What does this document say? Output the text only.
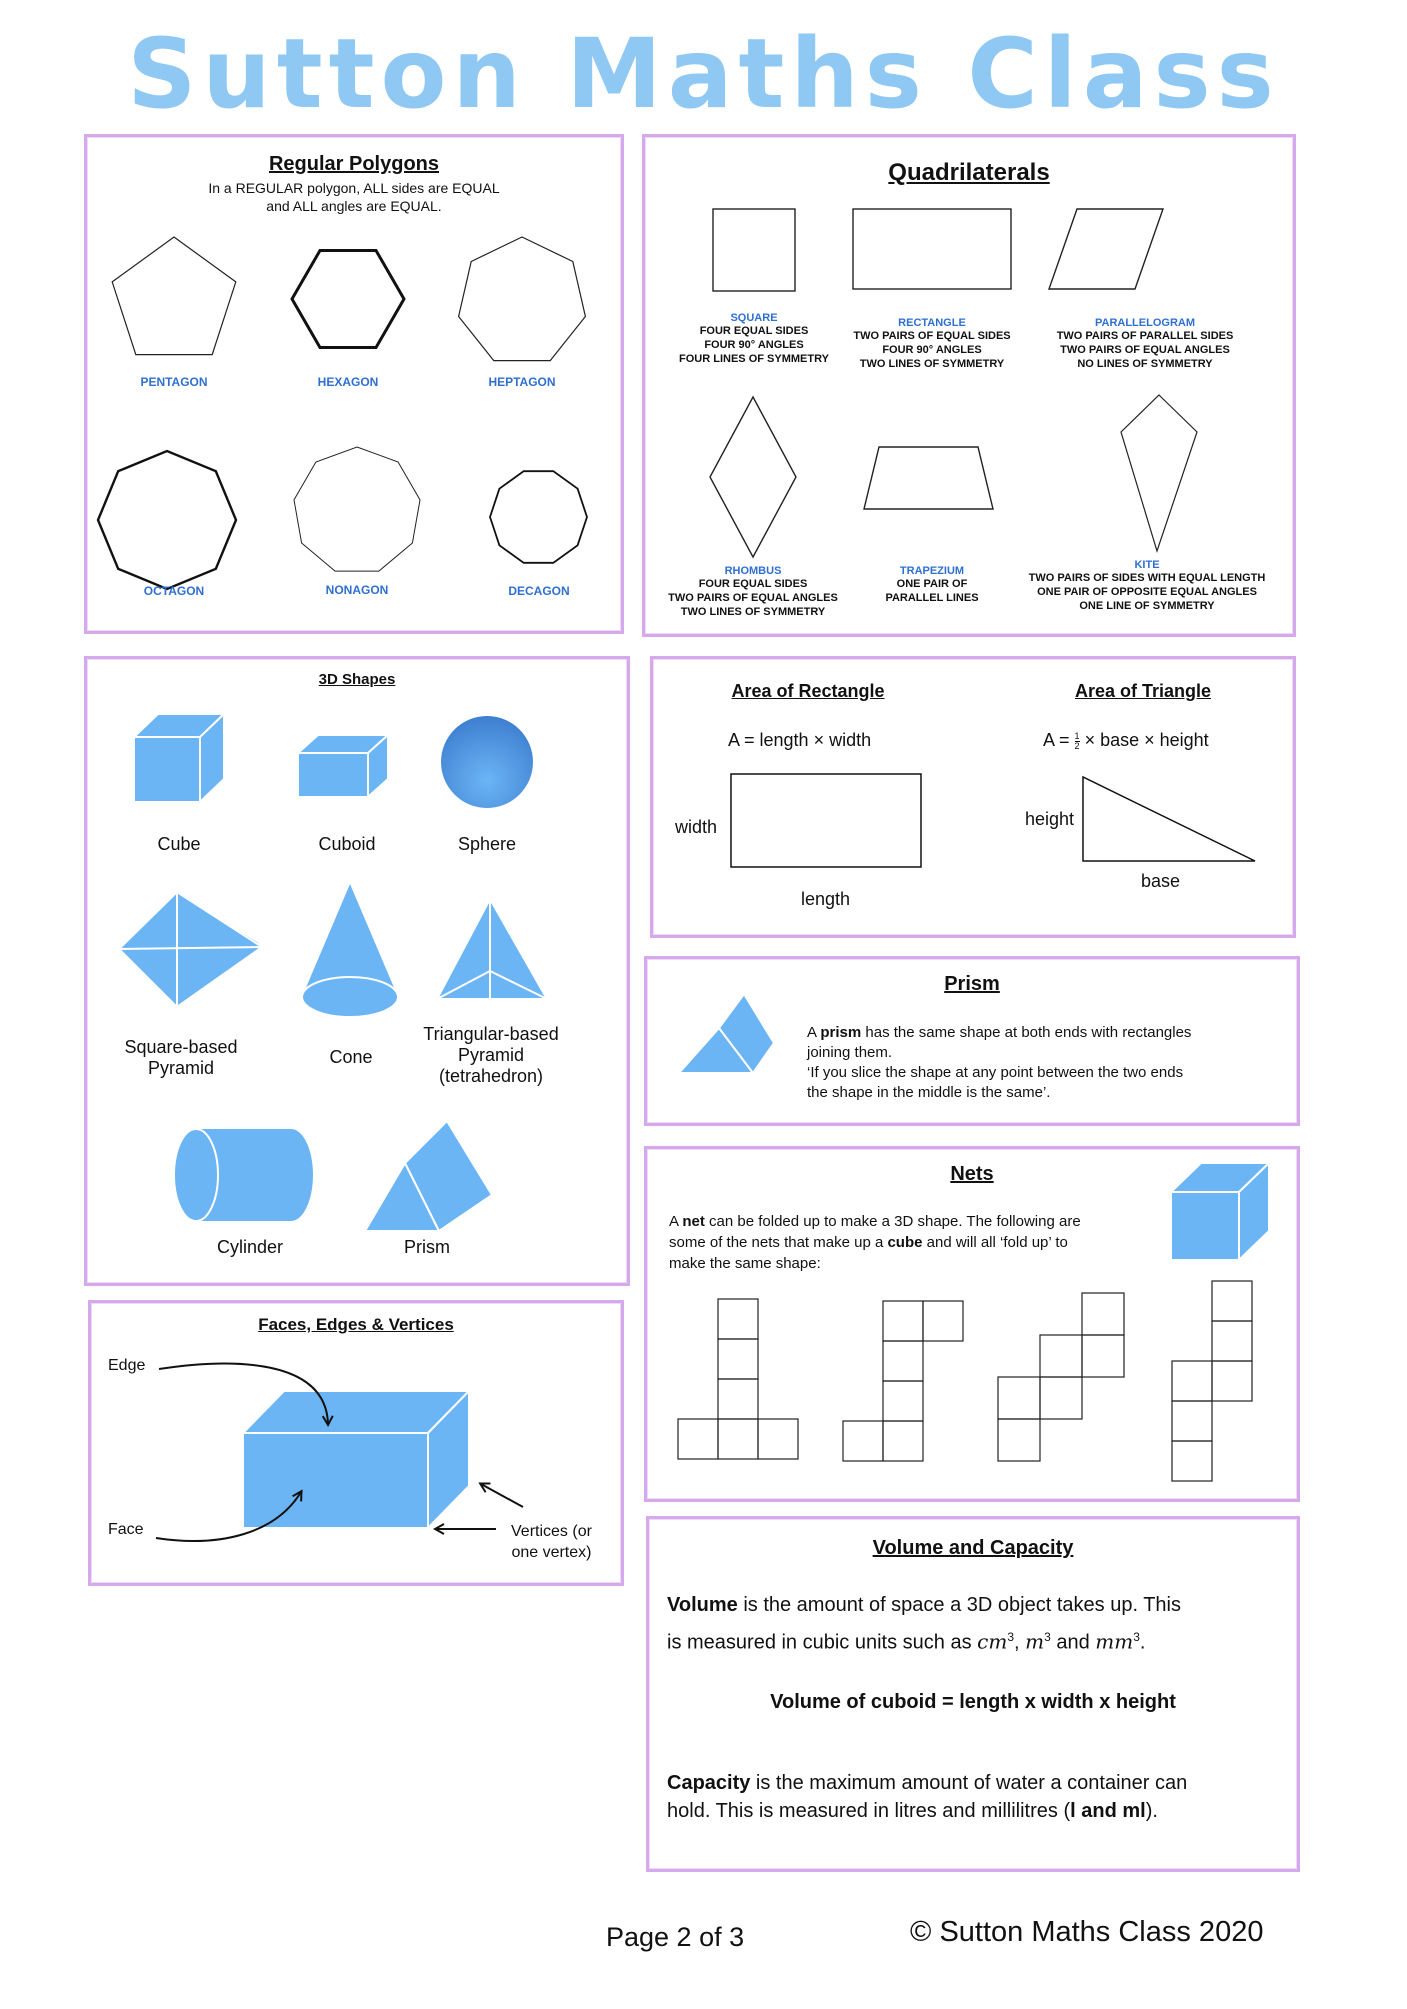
Sutton Maths Class
Regular Polygons
In a REGULAR polygon, ALL sides are EQUAL
and ALL angles are EQUAL.
PENTAGON	HEXAGON	HEPTAGON
OCTAGON	NONAGON	DECAGON
Quadrilaterals
SQUARE
FOUR EQUAL SIDES
FOUR 90° ANGLES
FOUR LINES OF SYMMETRY
RECTANGLE
TWO PAIRS OF EQUAL SIDES
FOUR 90° ANGLES
TWO LINES OF SYMMETRY
PARALLELOGRAM
TWO PAIRS OF PARALLEL SIDES
TWO PAIRS OF EQUAL ANGLES
NO LINES OF SYMMETRY
RHOMBUS
FOUR EQUAL SIDES
TWO PAIRS OF EQUAL ANGLES
TWO LINES OF SYMMETRY
TRAPEZIUM
ONE PAIR OF
PARALLEL LINES
KITE
TWO PAIRS OF SIDES WITH EQUAL LENGTH
ONE PAIR OF OPPOSITE EQUAL ANGLES
ONE LINE OF SYMMETRY
3D Shapes
Cube	Cuboid	Sphere
Square-based
Pyramid
Cone
Triangular-based
Pyramid
(tetrahedron)
Cylinder	Prism
Faces, Edges & Vertices
Edge
Face	Vertices (or
one vertex)
Area of Rectangle	Area of Triangle
A = length × width	$A = \frac{1}{2}$ × base × height
width
length
height
base
Prism
A prism has the same shape at both ends with rectangles
joining them.
‘If you slice the shape at any point between the two ends
the shape in the middle is the same’.
Nets
A net can be folded up to make a 3D shape. The following are
some of the nets that make up a cube and will all ‘fold up’ to
make the same shape:
Volume and Capacity
Volume is the amount of space a 3D object takes up. This
is measured in cubic units such as $cm^3$, $m^3$ and $mm^3$.
Volume of cuboid = length x width x height
Capacity is the maximum amount of water a container can
hold. This is measured in litres and millilitres (l and ml).
Page 2 of 3	© Sutton Maths Class 2020
